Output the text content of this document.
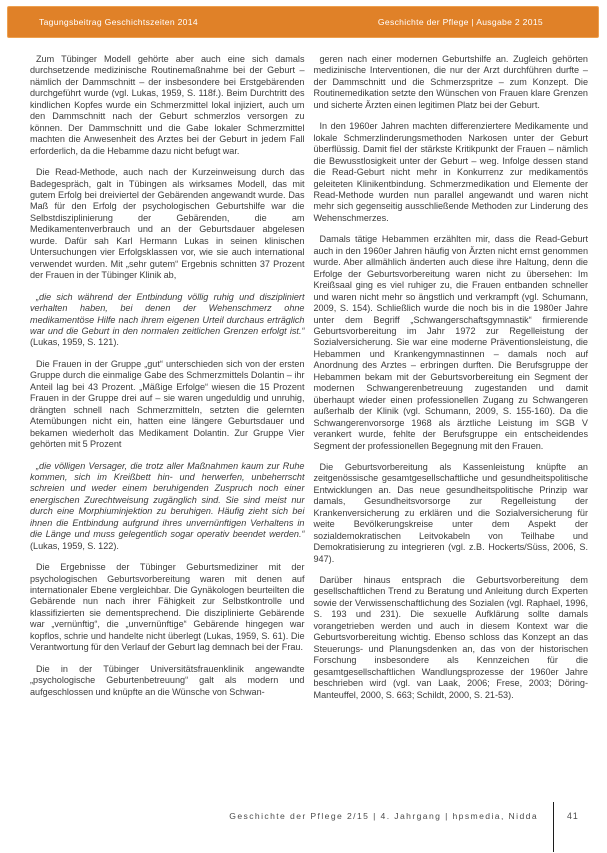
Tagungsbeitrag Geschichtszeiten 2014	Geschichte der Pflege | Ausgabe 2 2015

Zum Tübinger Modell gehörte aber auch eine sich damals durchsetzende medizinische Routinemaßnahme bei der Geburt – nämlich der Dammschnitt – der insbesondere bei Erstgebärenden durchgeführt wurde (vgl. Lukas, 1959, S. 118f.). Beim Durchtritt des kindlichen Kopfes wurde ein Schmerzmittel lokal injiziert, auch um den Dammschnitt nach der Geburt schmerzlos versorgen zu können. Der Dammschnitt und die Gabe lokaler Schmerzmittel machten die Anwesenheit des Arztes bei der Geburt in jedem Fall erforderlich, da die Hebamme dazu nicht befugt war.

Die Read-Methode, auch nach der Kurzeinweisung durch das Badegespräch, galt in Tübingen als wirksames Modell, das mit gutem Erfolg bei dreiviertel der Gebärenden angewandt wurde. Das Maß für den Erfolg der psychologischen Geburtshilfe war die Selbstdisziplinierung der Gebärenden, die am Medikamentenverbrauch und an der Geburtsdauer abgelesen wurde. Dafür sah Karl Hermann Lukas in seinen klinischen Untersuchungen vier Erfolgsklassen vor, wie sie auch international verwendet wurden. Mit „sehr gutem“ Ergebnis schnitten 37 Prozent der Frauen in der Tübinger Klinik ab,

„die sich während der Entbindung völlig ruhig und diszipliniert verhalten haben, bei denen der Wehenschmerz ohne medikamentöse Hilfe nach ihrem eigenen Urteil durchaus erträglich war und die Geburt in den normalen zeitlichen Grenzen erfolgt ist.“ (Lukas, 1959, S. 121).

Die Frauen in der Gruppe „gut“ unterschieden sich von der ersten Gruppe durch die einmalige Gabe des Schmerzmittels Dolantin – ihr Anteil lag bei 43 Prozent. „Mäßige Erfolge“ wiesen die 15 Prozent Frauen in der Gruppe drei auf – sie waren ungeduldig und unruhig, drängten schnell nach Schmerzmitteln, setzten die gelernten Atemübungen nicht ein, hatten eine längere Geburtsdauer und bekamen wiederholt das Medikament Dolantin. Zur Gruppe Vier gehörten mit 5 Prozent

„die völligen Versager, die trotz aller Maßnahmen kaum zur Ruhe kommen, sich im Kreißbett hin- und herwerfen, unbeherrscht schreien und weder einem beruhigenden Zuspruch noch einer energischen Zurechtweisung zugänglich sind. Sie sind meist nur durch eine Morphiuminjektion zu beruhigen. Häufig zieht sich bei ihnen die Entbindung aufgrund ihres unvernünftigen Verhaltens in die Länge und muss gelegentlich sogar operativ beendet werden.“ (Lukas, 1959, S. 122).

Die Ergebnisse der Tübinger Geburtsmediziner mit der psychologischen Geburtsvorbereitung waren mit denen auf internationaler Ebene vergleichbar. Die Gynäkologen beurteilten die Gebärende nun nach ihrer Fähigkeit zur Selbstkontrolle und klassifizierten sie dementsprechend. Die disziplinierte Gebärende war „vernünftig“, die „unvernünftige“ Gebärende hingegen war kopflos, schrie und handelte nicht überlegt (Lukas, 1959, S. 61). Die Verantwortung für den Verlauf der Geburt lag demnach bei der Frau.

Die in der Tübinger Universitätsfrauenklinik angewandte „psychologische Geburtenbetreuung“ galt als modern und aufgeschlossen und knüpfte an die Wünsche von Schwan-

geren nach einer modernen Geburtshilfe an. Zugleich gehörten medizinische Interventionen, die nur der Arzt durchführen durfte – der Dammschnitt und die Schmerzspritze – zum Konzept. Die Routinemedikation setzte den Wünschen von Frauen klare Grenzen und sicherte Ärzten einen legitimen Platz bei der Geburt.

In den 1960er Jahren machten differenziertere Medikamente und lokale Schmerzlinderungsmethoden Narkosen unter der Geburt überflüssig. Damit fiel der stärkste Kritikpunkt der Frauen – nämlich die Bewusstlosigkeit unter der Geburt – weg. Infolge dessen stand die Read-Geburt nicht mehr in Konkurrenz zur medikamentös geleiteten Klinikentbindung. Schmerzmedikation und Elemente der Read-Methode wurden nun parallel angewandt und waren nicht mehr sich gegenseitig ausschließende Methoden zur Linderung des Wehenschmerzes.

Damals tätige Hebammen erzählten mir, dass die Read-Geburt auch in den 1960er Jahren häufig von Ärzten nicht ernst genommen wurde. Aber allmählich änderten auch diese ihre Haltung, denn die Erfolge der Geburtsvorbereitung waren nicht zu übersehen: Im Kreißsaal ging es viel ruhiger zu, die Frauen entbanden schneller und waren nicht mehr so ängstlich und verkrampft (vgl. Schumann, 2009, S. 154). Schließlich wurde die noch bis in die 1980er Jahre unter dem Begriff „Schwangerschaftsgymnastik“ firmierende Geburtsvorbereitung im Jahr 1972 zur Regelleistung der Sozialversicherung. Sie war eine moderne Präventionsleistung, die Hebammen und Krankengymnastinnen – damals noch auf Anordnung des Arztes – erbringen durften. Die Berufsgruppe der Hebammen bekam mit der Geburtsvorbereitung ein Segment der modernen Schwangerenbetreuung zugestanden und damit überhaupt wieder einen professionellen Zugang zu Schwangeren außerhalb der Klinik (vgl. Schumann, 2009, S. 155-160). Da die Schwangerenvorsorge 1968 als ärztliche Leistung im SGB V verankert wurde, fehlte der Berufsgruppe ein entscheidendes Segment der professionellen Begegnung mit den Frauen.

Die Geburtsvorbereitung als Kassenleistung knüpfte an zeitgenössische gesamtgesellschaftliche und gesundheitspolitische Entwicklungen an. Das neue gesundheitspolitische Prinzip war damals, Gesundheitsvorsorge zur Regelleistung der Krankenversicherung zu erklären und die Sozialversicherung für weite Bevölkerungskreise unter dem Aspekt der sozialdemokratischen Leitvokabeln von Teilhabe und Demokratisierung zu integrieren (vgl. z.B. Hockerts/Süss, 2006, S. 947).

Darüber hinaus entsprach die Geburtsvorbereitung dem gesellschaftlichen Trend zu Beratung und Anleitung durch Experten sowie der Verwissenschaftlichung des Sozialen (vgl. Raphael, 1996, S. 193 und 231). Die sexuelle Aufklärung sollte damals vorangetrieben werden und auch in diesem Kontext war die Geburtsvorbereitung wichtig. Ebenso schloss das Konzept an das Steuerungs- und Planungsdenken an, das von der historischen Forschung insbesondere als Kennzeichen für die gesamtgesellschaftlichen Wandlungsprozesse der 1960er Jahre beschrieben wird (vgl. van Laak, 2006; Frese, 2003; Döring-Manteuffel, 2000, S. 663; Schildt, 2000, S. 21-53).

Geschichte der Pflege 2/15 | 4. Jahrgang | hpsmedia, Nidda	41
